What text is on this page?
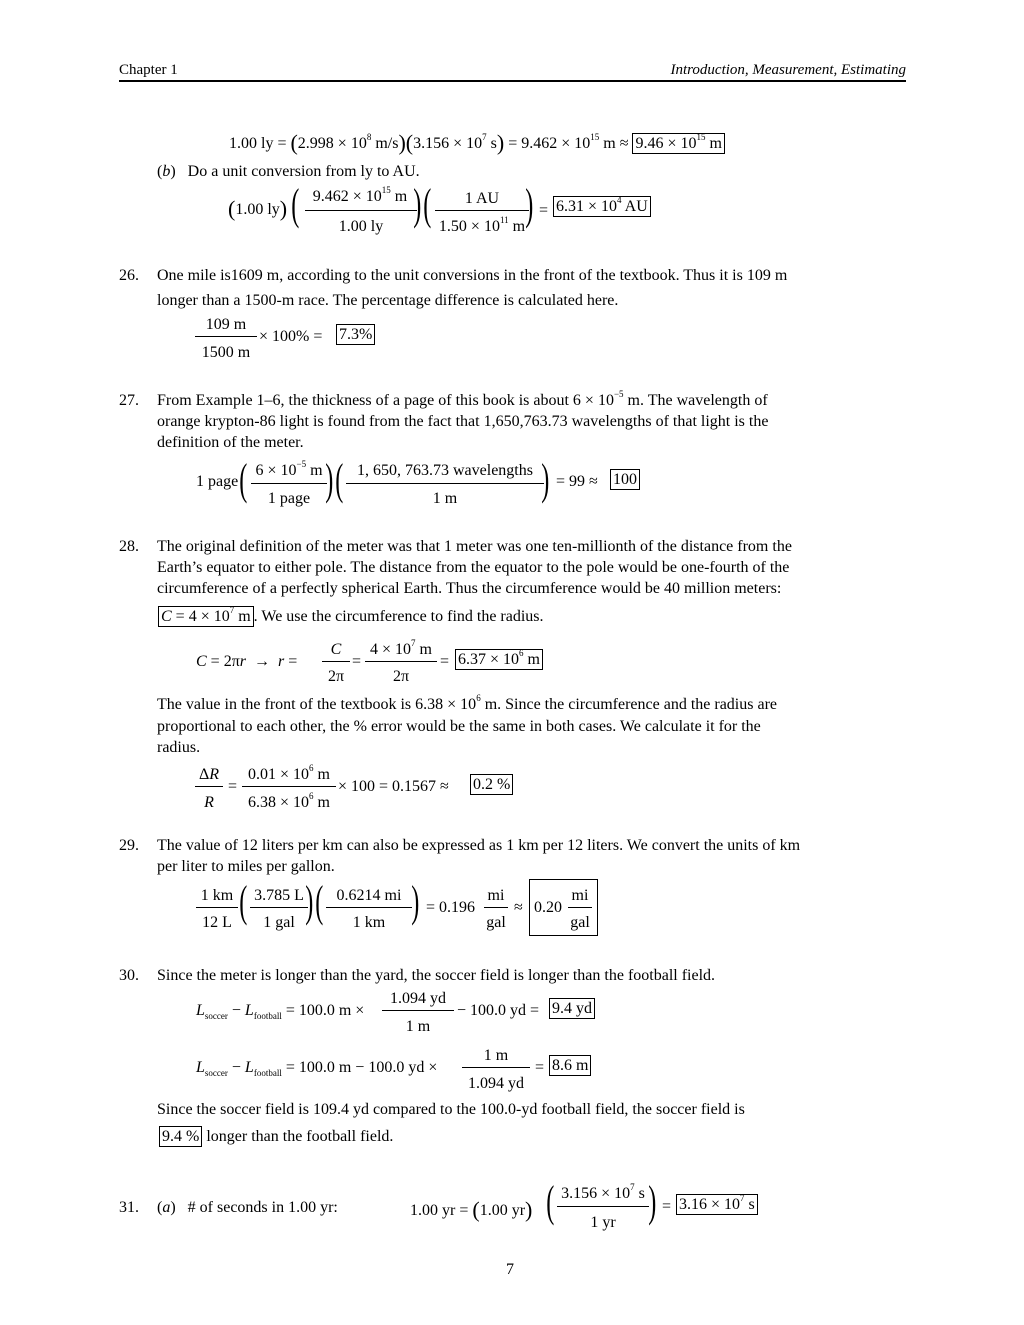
Chapter 1	Introduction, Measurement, Estimating
1.00 ly = ($2.998 \times 10^8$ $m/s)(3.156 \times 10^7$ $s) = 9.462 \times 10^{15}$ $m \approx 9.46 \times 10^{15}$ m
(b)   Do a unit conversion from ly to AU.
(1.00 ly) ( $9.462 \times 10^{15}$ m
1.00 ly ) (	1 AU
$1.50 \times 10^{11}$ m ) = $6.31 \times 10^4$ AU
26. One mile is1609 m, according to the unit conversions in the front of the textbook. Thus it is 109 m
longer than a 1500-m race. The percentage difference is calculated here.
109 m
1500 m
× 100% = 7.3%
27. From Example 1–6, the thickness of a page of this book is about $6 \times 10^{-5}$ m. The wavelength of
orange krypton-86 light is found from the fact that 1,650,763.73 wavelengths of that light is the
definition of the meter.
1 page ( $6 \times 10^{-5}$ m
1 page ) ( 1, 650, 763.73 wavelengths
1 m	) = 99 ≈ 100
28. The original definition of the meter was that 1 meter was one ten-millionth of the distance from the
Earth’s equator to either pole. The distance from the equator to the pole would be one-fourth of the
circumference of a perfectly spherical Earth. Thus the circumference would be 40 million meters:
$C = 4 \times 10^7$ m . We use the circumference to find the radius.
C = 2πr  →  r =
C
2π
=
$4 \times 10^7$ m
2π
= $6.37 \times 10^6$ m
The value in the front of the textbook is $6.38 \times 10^6$ m. Since the circumference and the radius are
proportional to each other, the % error would be the same in both cases. We calculate it for the
radius.
ΔR
R
=
$0.01 \times 10^6$ m
$6.38 \times 10^6$ m
× 100 = 0.1567 ≈ 0.2 %
29. The value of 12 liters per km can also be expressed as 1 km per 12 liters. We convert the units of km
per liter to miles per gallon.
1 km
12 L ( 3.785 L
1 gal ) ( 0.6214 mi
1 km ) = 0.196
mi
gal
≈ 0.20
mi
gal
30. Since the meter is longer than the yard, the soccer field is longer than the football field.
$L_{soccer} - L_{football} = 100.0$ m ×
1.094 yd
1 m
− 100.0 yd = 9.4 yd
$L_{soccer} - L_{football} = 100.0$ m − 100.0 yd ×
1 m
1.094 yd
= 8.6 m
Since the soccer field is 109.4 yd compared to the 100.0-yd football field, the soccer field is
9.4 % longer than the football field.
31. (a)   # of seconds in 1.00 yr:	1.00 yr = (1.00 yr) ( $3.156 \times 10^7$ s
1 yr ) = $3.16 \times 10^7$ s
7
